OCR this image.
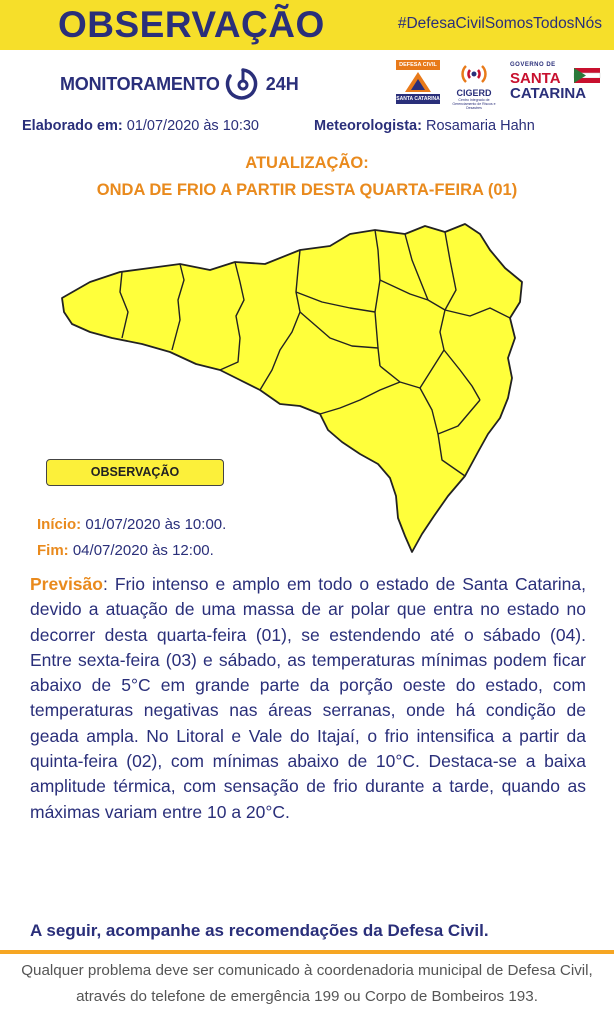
OBSERVAÇÃO	#DefesaCivilSomosTodosNós
MONITORAMENTO	24H
DEFESA CIVIL
SANTA CATARINA
CIGERD
Centro Integrado de Gerenciamento de Riscos e Desastres
GOVERNO DE
SANTA
CATARINA
Elaborado em: 01/07/2020 às 10:30	Meteorologista: Rosamaria Hahn
ATUALIZAÇÃO:
ONDA DE FRIO A PARTIR DESTA QUARTA-FEIRA (01)
OBSERVAÇÃO
Início: 01/07/2020 às 10:00.
Fim: 04/07/2020 às 12:00.
Previsão: Frio intenso e amplo em todo o estado de Santa Catarina, devido a atuação de uma massa de ar polar que entra no estado no decorrer desta quarta-feira (01), se estendendo até o sábado (04). Entre sexta-feira (03) e sábado, as temperaturas mínimas podem ficar abaixo de 5°C em grande parte da porção oeste do estado, com temperaturas negativas nas áreas serranas, onde há condição de geada ampla. No Litoral e Vale do Itajaí, o frio intensifica a partir da quinta-feira (02), com mínimas abaixo de 10°C. Destaca-se a baixa amplitude térmica, com sensação de frio durante a tarde, quando as máximas variam entre 10 a 20°C.
A seguir, acompanhe as recomendações da Defesa Civil.
Qualquer problema deve ser comunicado à coordenadoria municipal de Defesa Civil,
através do telefone de emergência 199 ou Corpo de Bombeiros 193.
